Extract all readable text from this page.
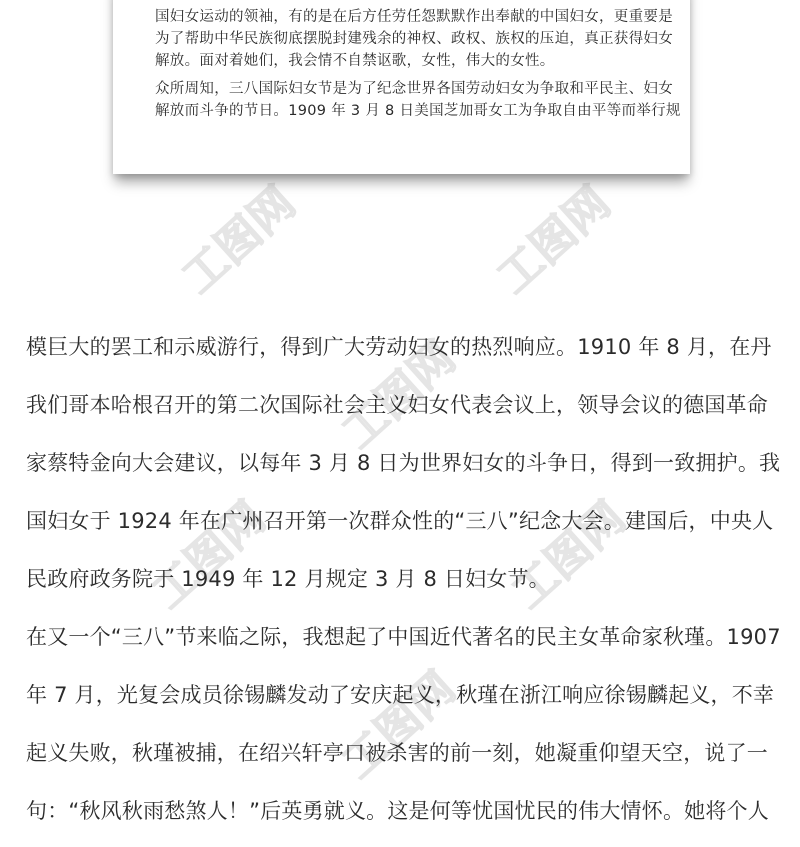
工图网	工图网
工图网
工图网	工图网
工图网
国妇女运动的领袖，有的是在后方任劳任怨默默作出奉献的中国妇女，更重要是
为了帮助中华民族彻底摆脱封建残余的神权、政权、族权的压迫，真正获得妇女
解放。面对着她们，我会情不自禁讴歌，女性，伟大的女性。
众所周知，三八国际妇女节是为了纪念世界各国劳动妇女为争取和平民主、妇女
解放而斗争的节日。1909 年 3 月 8 日美国芝加哥女工为争取自由平等而举行规
模巨大的罢工和示威游行，得到广大劳动妇女的热烈响应。1910 年 8 月，在丹
我们哥本哈根召开的第二次国际社会主义妇女代表会议上，领导会议的德国革命
家蔡特金向大会建议，以每年 3 月 8 日为世界妇女的斗争日，得到一致拥护。我
国妇女于 1924 年在广州召开第一次群众性的“三八”纪念大会。建国后，中央人
民政府政务院于 1949 年 12 月规定 3 月 8 日妇女节。
在又一个“三八”节来临之际，我想起了中国近代著名的民主女革命家秋瑾。1907
年 7 月，光复会成员徐锡麟发动了安庆起义，秋瑾在浙江响应徐锡麟起义，不幸
起义失败，秋瑾被捕，在绍兴轩亭口被杀害的前一刻，她凝重仰望天空，说了一
句：“秋风秋雨愁煞人！”后英勇就义。这是何等忧国忧民的伟大情怀。她将个人
